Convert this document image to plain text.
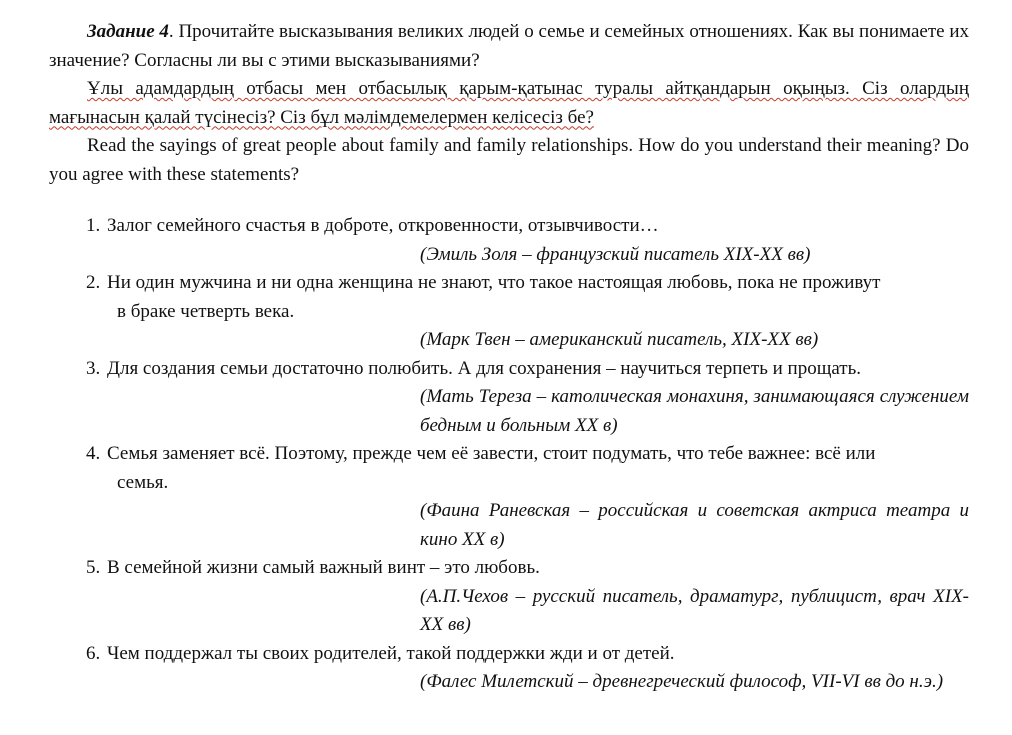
Задание 4. Прочитайте высказывания великих людей о семье и семейных отношениях. Как вы понимаете их значение? Согласны ли вы с этими высказываниями?

Ұлы адамдардың отбасы мен отбасылық қарым-қатынас туралы айтқандарын оқыңыз. Сіз олардың мағынасын қалай түсінесіз? Сіз бұл мәлімдемелермен келісесіз бе?

Read the sayings of great people about family and family relationships. How do you understand their meaning? Do you agree with these statements?

1. Залог семейного счастья в доброте, откровенности, отзывчивости…
(Эмиль Золя – французский писатель XIX-XX вв)
2. Ни один мужчина и ни одна женщина не знают, что такое настоящая любовь, пока не проживут
в браке четверть века.
(Марк Твен – американский писатель, XIX-XX вв)
3. Для создания семьи достаточно полюбить. А для сохранения – научиться терпеть и прощать.
(Мать Тереза – католическая монахиня, занимающаяся служением бедным и больным XX в)
4. Семья заменяет всё. Поэтому, прежде чем её завести, стоит подумать, что тебе важнее: всё или
семья.
(Фаина Раневская – российская и советская актриса театра и кино XX в)
5. В семейной жизни самый важный винт – это любовь.
(А.П.Чехов – русский писатель, драматург, публицист, врач XIX-XX вв)
6. Чем поддержал ты своих родителей, такой поддержки жди и от детей.
(Фалес Милетский – древнегреческий философ, VII-VI вв до н.э.)
